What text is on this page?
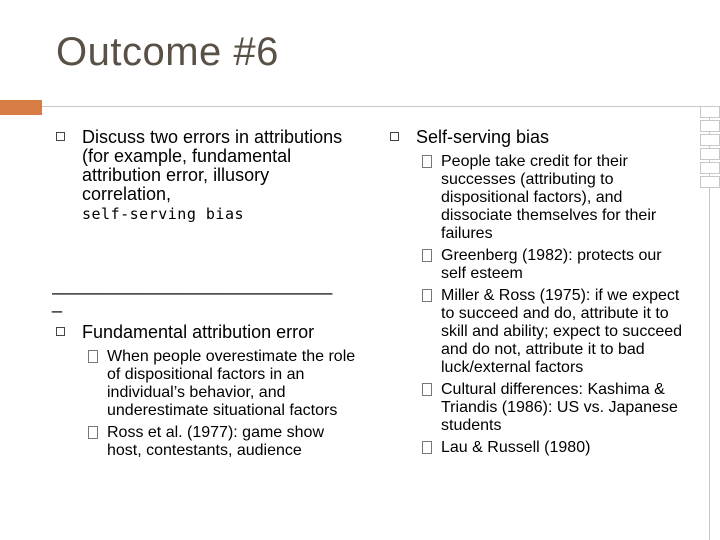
Outcome #6
Discuss two errors in attributions (for example, fundamental attribution error, illusory correlation,
self-serving bias
____________________________
_
Fundamental attribution error
When people overestimate the role of dispositional factors in an individual’s behavior, and underestimate situational factors
Ross et al. (1977): game show host, contestants, audience
Self-serving bias
People take credit for their successes (attributing to dispositional factors), and dissociate themselves for their failures
Greenberg (1982): protects our self esteem
Miller & Ross (1975): if we expect to succeed and do, attribute it to skill and ability; expect to succeed and do not, attribute it to bad luck/external factors
Cultural differences: Kashima & Triandis (1986): US vs. Japanese students
Lau & Russell (1980)
